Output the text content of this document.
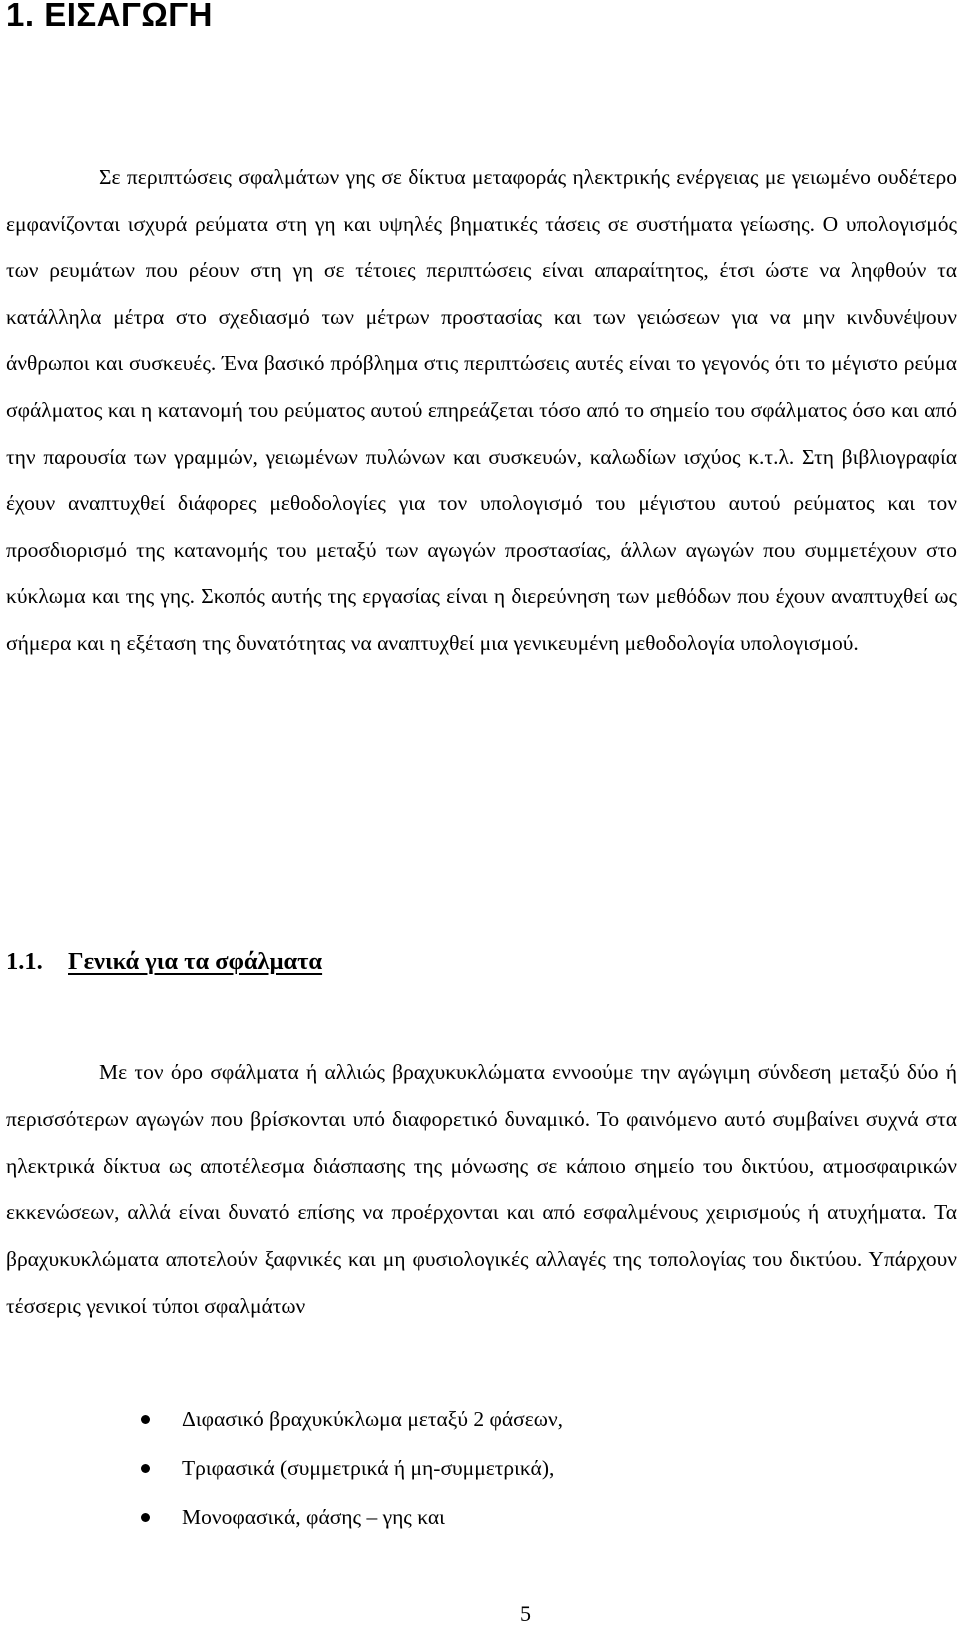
1. ΕΙΣΑΓΩΓΗ

Σε περιπτώσεις σφαλμάτων γης σε δίκτυα μεταφοράς ηλεκτρικής ενέργειας με γειωμένο ουδέτερο εμφανίζονται ισχυρά ρεύματα στη γη και υψηλές βηματικές τάσεις σε συστήματα γείωσης. Ο υπολογισμός των ρευμάτων που ρέουν στη γη σε τέτοιες περιπτώσεις είναι απαραίτητος, έτσι ώστε να ληφθούν τα κατάλληλα μέτρα στο σχεδιασμό των μέτρων προστασίας και των γειώσεων για να μην κινδυνέψουν άνθρωποι και συσκευές. Ένα βασικό πρόβλημα στις περιπτώσεις αυτές είναι το γεγονός ότι το μέγιστο ρεύμα σφάλματος και η κατανομή του ρεύματος αυτού επηρεάζεται τόσο από το σημείο του σφάλματος όσο και από την παρουσία των γραμμών, γειωμένων πυλώνων και συσκευών, καλωδίων ισχύος κ.τ.λ. Στη βιβλιογραφία έχουν αναπτυχθεί διάφορες μεθοδολογίες για τον υπολογισμό του μέγιστου αυτού ρεύματος και τον προσδιορισμό της κατανομής του μεταξύ των αγωγών προστασίας, άλλων αγωγών που συμμετέχουν στο κύκλωμα και της γης. Σκοπός αυτής της εργασίας είναι η διερεύνηση των μεθόδων που έχουν αναπτυχθεί ως σήμερα και η εξέταση της δυνατότητας να αναπτυχθεί μια γενικευμένη μεθοδολογία υπολογισμού.

1.1. Γενικά για τα σφάλματα

Με τον όρο σφάλματα ή αλλιώς βραχυκυκλώματα εννοούμε την αγώγιμη σύνδεση μεταξύ δύο ή περισσότερων αγωγών που βρίσκονται υπό διαφορετικό δυναμικό. Το φαινόμενο αυτό συμβαίνει συχνά στα ηλεκτρικά δίκτυα ως αποτέλεσμα διάσπασης της μόνωσης σε κάποιο σημείο του δικτύου, ατμοσφαιρικών εκκενώσεων, αλλά είναι δυνατό επίσης να προέρχονται και από εσφαλμένους χειρισμούς ή ατυχήματα. Τα βραχυκυκλώματα αποτελούν ξαφνικές και μη φυσιολογικές αλλαγές της τοπολογίας του δικτύου. Υπάρχουν τέσσερις γενικοί τύποι σφαλμάτων

Διφασικό βραχυκύκλωμα μεταξύ 2 φάσεων,
Τριφασικά (συμμετρικά ή μη-συμμετρικά),
Μονοφασικά, φάσης – γης και
5
